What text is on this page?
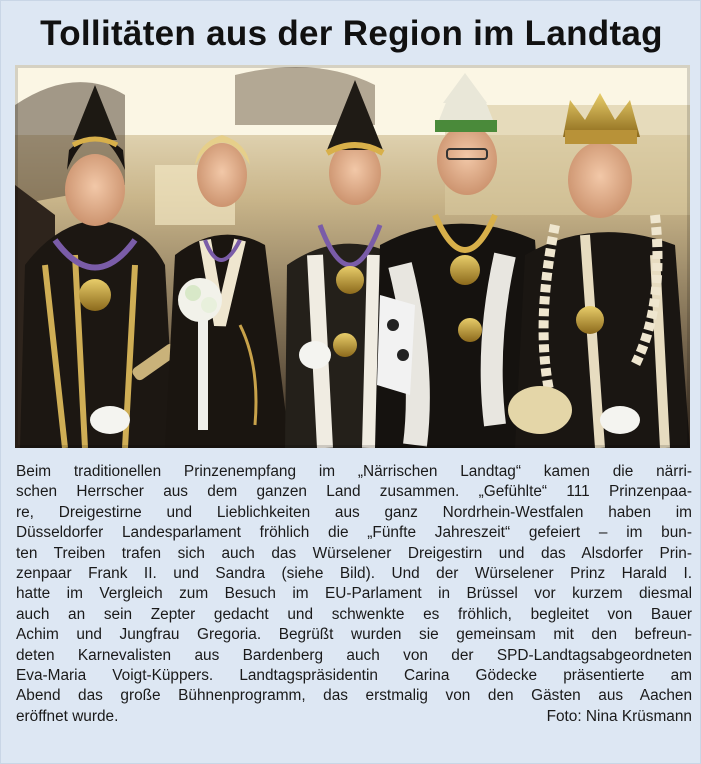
Tollitäten aus der Region im Landtag
Beim traditionellen Prinzenempfang im „Närrischen Landtag“ kamen die närri-
schen Herrscher aus dem ganzen Land zusammen. „Gefühlte“ 111 Prinzenpaa-
re, Dreigestirne und Lieblichkeiten aus ganz Nordrhein-Westfalen haben im
Düsseldorfer Landesparlament fröhlich die „Fünfte Jahreszeit“ gefeiert – im bun-
ten Treiben trafen sich auch das Würselener Dreigestirn und das Alsdorfer Prin-
zenpaar Frank II. und Sandra (siehe Bild). Und der Würselener Prinz Harald I.
hatte im Vergleich zum Besuch im EU-Parlament in Brüssel vor kurzem diesmal
auch an sein Zepter gedacht und schwenkte es fröhlich, begleitet von Bauer
Achim und Jungfrau Gregoria. Begrüßt wurden sie gemeinsam mit den befreun-
deten Karnevalisten aus Bardenberg auch von der SPD-Landtagsabgeordneten
Eva-Maria Voigt-Küppers. Landtagspräsidentin Carina Gödecke präsentierte am
Abend das große Bühnenprogramm, das erstmalig von den Gästen aus Aachen
eröffnet wurde.	Foto: Nina Krüsmann
